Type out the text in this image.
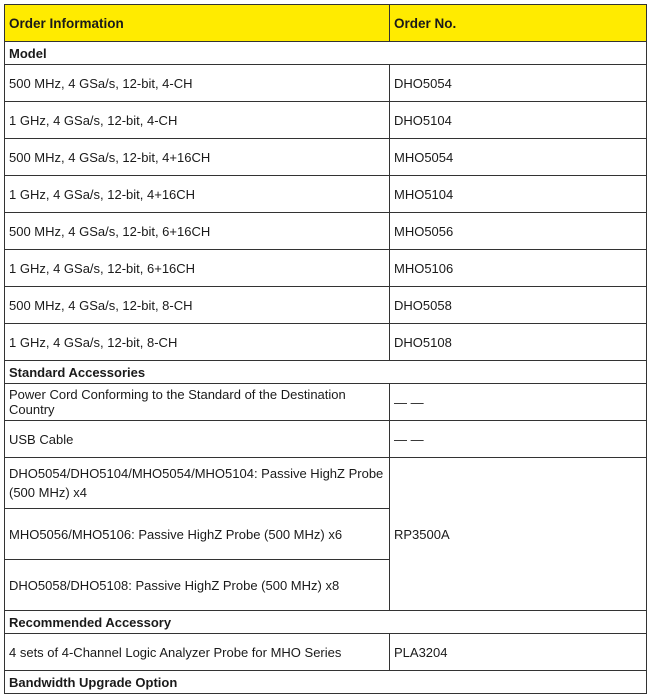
Order Information	Order No.
Model	
500 MHz, 4 GSa/s, 12-bit, 4-CH	DHO5054
1 GHz, 4 GSa/s, 12-bit, 4-CH	DHO5104
500 MHz, 4 GSa/s, 12-bit, 4+16CH	MHO5054
1 GHz, 4 GSa/s, 12-bit, 4+16CH	MHO5104
500 MHz, 4 GSa/s, 12-bit, 6+16CH	MHO5056
1 GHz, 4 GSa/s, 12-bit, 6+16CH	MHO5106
500 MHz, 4 GSa/s, 12-bit, 8-CH	DHO5058
1 GHz, 4 GSa/s, 12-bit, 8-CH	DHO5108
Standard Accessories	
Power Cord Conforming to the Standard of the Destination Country	— —
USB Cable	— —
DHO5054/DHO5104/MHO5054/MHO5104: Passive HighZ Probe (500 MHz) x4	RP3500A
MHO5056/MHO5106: Passive HighZ Probe (500 MHz) x6	
DHO5058/DHO5108: Passive HighZ Probe (500 MHz) x8	
Recommended Accessory	
4 sets of 4-Channel Logic Analyzer Probe for MHO Series	PLA3204
Bandwidth Upgrade Option	
